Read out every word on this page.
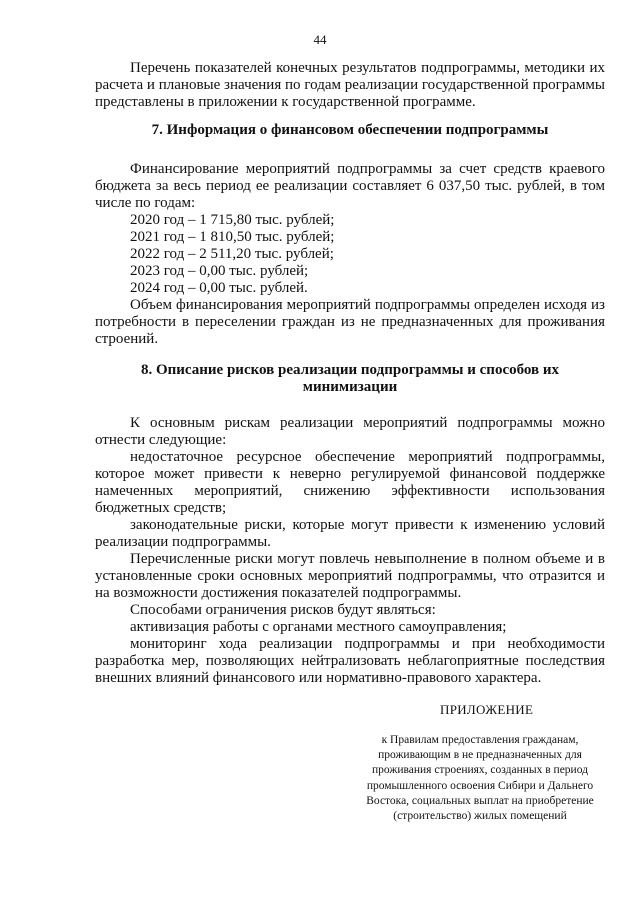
44

Перечень показателей конечных результатов подпрограммы, методики их расчета и плановые значения по годам реализации государственной программы представлены в приложении к государственной программе.

7. Информация о финансовом обеспечении подпрограммы

Финансирование мероприятий подпрограммы за счет средств краевого бюджета за весь период ее реализации составляет 6 037,50 тыс. рублей, в том числе по годам:

2020 год – 1 715,80 тыс. рублей;

2021 год – 1 810,50 тыс. рублей;

2022 год – 2 511,20 тыс. рублей;

2023 год – 0,00 тыс. рублей;

2024 год – 0,00 тыс. рублей.

Объем финансирования мероприятий подпрограммы определен исходя из потребности в переселении граждан из не предназначенных для проживания строений.

8. Описание рисков реализации подпрограммы и способов их минимизации

К основным рискам реализации мероприятий подпрограммы можно отнести следующие:

недостаточное ресурсное обеспечение мероприятий подпрограммы, которое может привести к неверно регулируемой финансовой поддержке намеченных мероприятий, снижению эффективности использования бюджетных средств;

законодательные риски, которые могут привести к изменению условий реализации подпрограммы.

Перечисленные риски могут повлечь невыполнение в полном объеме и в установленные сроки основных мероприятий подпрограммы, что отразится и на возможности достижения показателей подпрограммы.

Способами ограничения рисков будут являться:

активизация работы с органами местного самоуправления;

мониторинг хода реализации подпрограммы и при необходимости разработка мер, позволяющих нейтрализовать неблагоприятные последствия внешних влияний финансового или нормативно-правового характера.

ПРИЛОЖЕНИЕ
к Правилам предоставления гражданам, проживающим в не предназначенных для проживания строениях, созданных в период промышленного освоения Сибири и Дальнего Востока, социальных выплат на приобретение (строительство) жилых помещений
